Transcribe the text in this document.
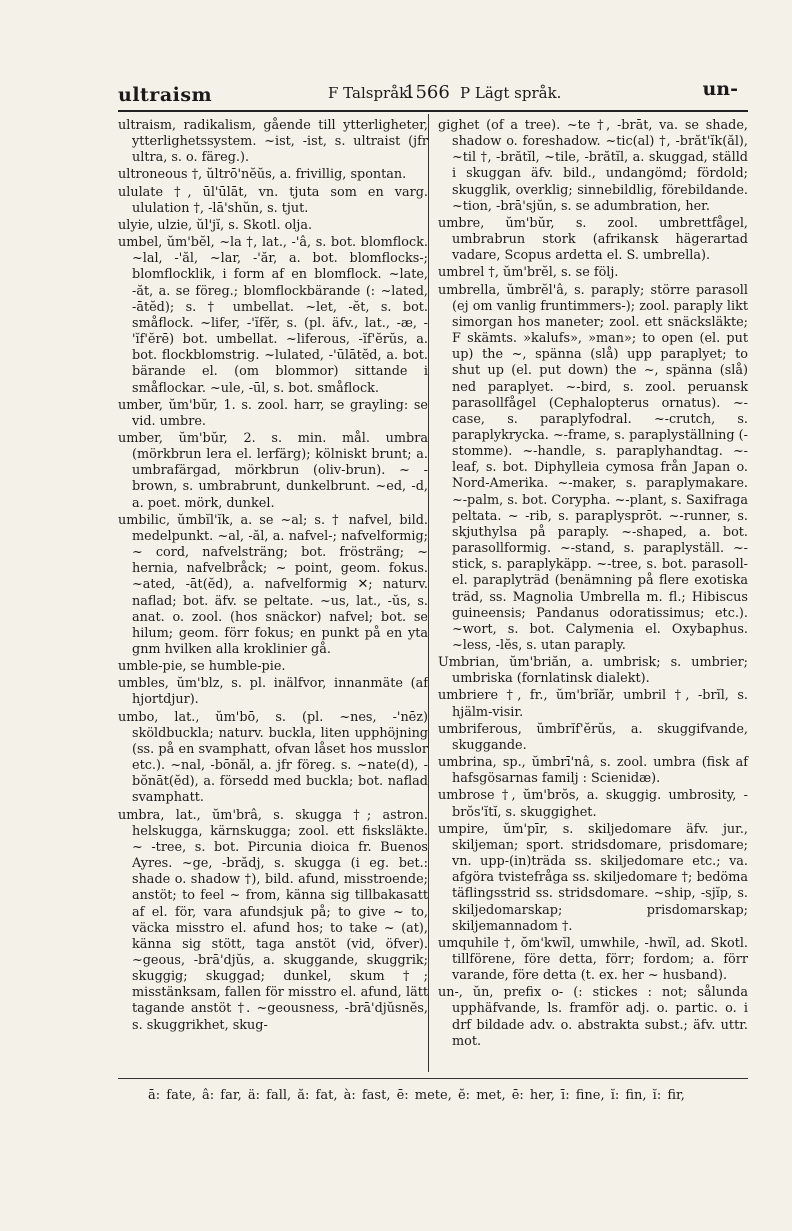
ultraism	F Talspråk.
1566 P Lägt språk.	un-

ultraism, radikalism, gående till ytterligheter, ytterlighetssystem. ~ist, -ist, s. ultraist (jfr ultra, s. o. färeg.).

ultroneous †, ŭltrō'nĕŭs, a. frivillig, spontan.

ululate †, ūl'ūlāt, vn. tjuta som en varg. ululation †, -lā'shŭn, s. tjut.

ulyie, ulzie, ŭl'jĭ, s. Skotl. olja.

umbel, ŭm'bĕl, ~la †, lat., -'â, s. bot. blomflock. ~lal, -'ăl, ~lar, -'ăr, a. bot. blomflocks-; blomflocklik, i form af en blomflock. ~late, -ăt, a. se föreg.; blomflockbärande (: ~lated, -ātĕd); s. † umbellat. ~let, -ĕt, s. bot. småflock. ~lifer, -'ĭfĕr, s. (pl. äfv., lat., -æ, -'ĭf'ĕrē) bot. umbellat. ~liferous, -ĭf'ĕrŭs, a. bot. flockblomstrig. ~lulated, -'ūlātĕd, a. bot. bärande el. (om blommor) sittande i småflockar. ~ule, -ūl, s. bot. småflock.

umber, ŭm'bŭr, 1. s. zool. harr, se grayling: se vid. umbre.

umber, ŭm'bŭr, 2. s. min. mål. umbra (mörkbrun lera el. lerfärg); kölniskt brunt; a. umbrafärgad, mörkbrun (oliv-brun). ~ -brown, s. umbrabrunt, dunkelbrunt. ~ed, -d, a. poet. mörk, dunkel.

umbilic, ŭmbĭl'ĭk, a. se ~al; s. † nafvel, bild. medelpunkt. ~al, -ăl, a. nafvel-; nafvelformig; ~ cord, nafvelsträng; bot. frösträng; ~ hernia, nafvelbråck; ~ point, geom. fokus. ~ated, -āt(ĕd), a. nafvelformig ✕; naturv. naflad; bot. äfv. se peltate. ~us, lat., -ŭs, s. anat. o. zool. (hos snäckor) nafvel; bot. se hilum; geom. förr fokus; en punkt på en yta gnm hvilken alla kroklinier gå.

umble-pie, se humble-pie.

umbles, ŭm'blz, s. pl. inälfvor, innanmäte (af hjortdjur).

umbo, lat., ŭm'bō, s. (pl. ~nes, -'nēz) sköldbuckla; naturv. buckla, liten upphöjning (ss. på en svamphatt, ofvan låset hos musslor etc.). ~nal, -bōnăl, a. jfr föreg. s. ~nate(d), -bŏnāt(ĕd), a. försedd med buckla; bot. naflad svamphatt.

umbra, lat., ŭm'brâ, s. skugga †; astron. helskugga, kärnskugga; zool. ett fisksläkte. ~ -tree, s. bot. Pircunia dioica fr. Buenos Ayres. ~ge, -brădj, s. skugga (i eg. bet.: shade o. shadow †), bild. afund, misstroende; anstöt; to feel ~ from, känna sig tillbakasatt af el. för, vara afundsjuk på; to give ~ to, väcka misstro el. afund hos; to take ~ (at), känna sig stött, taga anstöt (vid, öfver). ~geous, -brā'djŭs, a. skuggande, skuggrik; skuggig; skuggad; dunkel, skum †; misstänksam, fallen för misstro el. afund, lätt tagande anstöt †. ~geousness, -brā'djŭsnĕs, s. skuggrikhet, skug-

gighet (of a tree). ~te †, -brāt, va. se shade, shadow o. foreshadow. ~tic(al) †, -brăt'ĭk(ăl), ~til †, -brătĭl, ~tile, -brătĭl, a. skuggad, ställd i skuggan äfv. bild., undangömd; fördold; skugglik, overklig; sinnebildlig, förebildande. ~tion, -brā'sjŭn, s. se adumbration, her.

umbre, ŭm'bŭr, s. zool. umbrettfågel, umbrabrun stork (afrikansk hägerartad vadare, Scopus ardetta el. S. umbrella).

umbrel †, ŭm'brĕl, s. se följ.

umbrella, ŭmbrĕl'â, s. paraply; större parasoll (ej om vanlig fruntimmers-); zool. paraply likt simorgan hos maneter; zool. ett snäcksläkte; F skämts. »kalufs», »man»; to open (el. put up) the ~, spänna (slå) upp paraplyet; to shut up (el. put down) the ~, spänna (slå) ned paraplyet. ~-bird, s. zool. peruansk parasollfågel (Cephalopterus ornatus). ~-case, s. paraplyfodral. ~-crutch, s. paraplykrycka. ~-frame, s. paraplyställning (-stomme). ~-handle, s. paraplyhandtag. ~-leaf, s. bot. Diphylleia cymosa från Japan o. Nord-Amerika. ~-maker, s. paraplymakare. ~-palm, s. bot. Corypha. ~-plant, s. Saxifraga peltata. ~ -rib, s. paraplysprōt. ~-runner, s. skjuthylsa på paraply. ~-shaped, a. bot. parasollformig. ~-stand, s. paraplyställ. ~-stick, s. paraplykäpp. ~-tree, s. bot. parasoll- el. paraplyträd (benämning på flere exotiska träd, ss. Magnolia Umbrella m. fl.; Hibiscus guineensis; Pandanus odoratissimus; etc.). ~wort, s. bot. Calymenia el. Oxybaphus. ~less, -lĕs, s. utan paraply.

Umbrian, ŭm'briăn, a. umbrisk; s. umbrier; umbriska (fornlatinsk dialekt).

umbriere †, fr., ŭm'brĭăr, umbril †, -brĭl, s. hjälm-visir.

umbriferous, ŭmbrĭf'ĕrŭs, a. skuggifvande, skuggande.

umbrina, sp., ŭmbrī'nâ, s. zool. umbra (fisk af hafsgösarnas familj : Scienidæ).

umbrose †, ŭm'brŏs, a. skuggig. umbrosity, -brŏs'ĭtĭ, s. skuggighet.

umpire, ŭm'pīr, s. skiljedomare äfv. jur., skiljeman; sport. stridsdomare, prisdomare; vn. upp-(in)träda ss. skiljedomare etc.; va. afgöra tvistefråga ss. skiljedomare †; bedöma täflingsstrid ss. stridsdomare. ~ship, -sjĭp, s. skiljedomarskap; prisdomarskap; skiljemannadom †.

umquhile †, ŏm'kwĭl, umwhile, -hwĭl, ad. Skotl. tillförene, före detta, förr; fordom; a. förr varande, före detta (t. ex. her ~ husband).

un-, ŭn, prefix o- (: stickes : not; sålunda upphäfvande, ls. framför adj. o. partic. o. i drf bildade adv. o. abstrakta subst.; äfv. uttr. mot.

ā: fate, â: far, ä: fall, ă: fat, à: fast, ē: mete, ĕ: met, ē: her, ī: fine, ĭ: fin, ĭ: fir,
